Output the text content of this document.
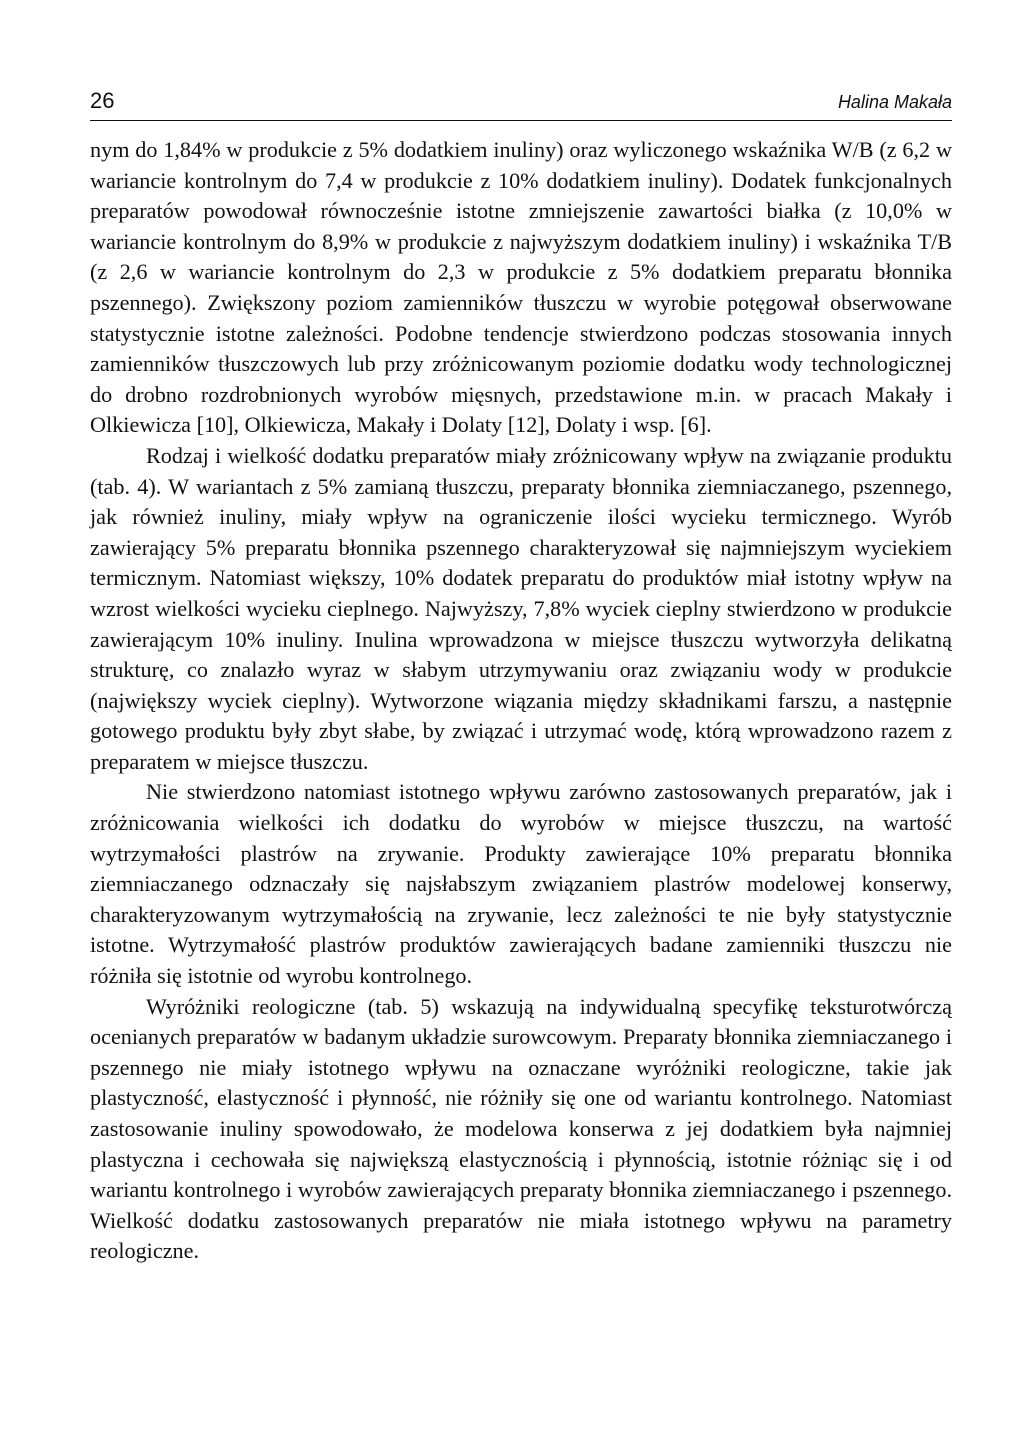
26	Halina Makała

nym do 1,84% w produkcie z 5% dodatkiem inuliny) oraz wyliczonego wskaźnika W/B (z 6,2 w wariancie kontrolnym do 7,4 w produkcie z 10% dodatkiem inuliny). Dodatek funkcjonalnych preparatów powodował równocześnie istotne zmniejszenie zawartości białka (z 10,0% w wariancie kontrolnym do 8,9% w produkcie z najwyższym dodatkiem inuliny) i wskaźnika T/B (z 2,6 w wariancie kontrolnym do 2,3 w produkcie z 5% dodatkiem preparatu błonnika pszennego). Zwiększony poziom zamienników tłuszczu w wyrobie potęgował obserwowane statystycznie istotne zależności. Podobne tendencje stwierdzono podczas stosowania innych zamienników tłuszczowych lub przy zróżnicowanym poziomie dodatku wody technologicznej do drobno rozdrobnionych wyrobów mięsnych, przedstawione m.in. w pracach Makały i Olkiewicza [10], Olkiewicza, Makały i Dolaty [12], Dolaty i wsp. [6].

Rodzaj i wielkość dodatku preparatów miały zróżnicowany wpływ na związanie produktu (tab. 4). W wariantach z 5% zamianą tłuszczu, preparaty błonnika ziemniaczanego, pszennego, jak również inuliny, miały wpływ na ograniczenie ilości wycieku termicznego. Wyrób zawierający 5% preparatu błonnika pszennego charakteryzował się najmniejszym wyciekiem termicznym. Natomiast większy, 10% dodatek preparatu do produktów miał istotny wpływ na wzrost wielkości wycieku cieplnego. Najwyższy, 7,8% wyciek cieplny stwierdzono w produkcie zawierającym 10% inuliny. Inulina wprowadzona w miejsce tłuszczu wytworzyła delikatną strukturę, co znalazło wyraz w słabym utrzymywaniu oraz związaniu wody w produkcie (największy wyciek cieplny). Wytworzone wiązania między składnikami farszu, a następnie gotowego produktu były zbyt słabe, by związać i utrzymać wodę, którą wprowadzono razem z preparatem w miejsce tłuszczu.

Nie stwierdzono natomiast istotnego wpływu zarówno zastosowanych preparatów, jak i zróżnicowania wielkości ich dodatku do wyrobów w miejsce tłuszczu, na wartość wytrzymałości plastrów na zrywanie. Produkty zawierające 10% preparatu błonnika ziemniaczanego odznaczały się najsłabszym związaniem plastrów modelowej konserwy, charakteryzowanym wytrzymałością na zrywanie, lecz zależności te nie były statystycznie istotne. Wytrzymałość plastrów produktów zawierających badane zamienniki tłuszczu nie różniła się istotnie od wyrobu kontrolnego.

Wyróżniki reologiczne (tab. 5) wskazują na indywidualną specyfikę teksturotwórczą ocenianych preparatów w badanym układzie surowcowym. Preparaty błonnika ziemniaczanego i pszennego nie miały istotnego wpływu na oznaczane wyróżniki reologiczne, takie jak plastyczność, elastyczność i płynność, nie różniły się one od wariantu kontrolnego. Natomiast zastosowanie inuliny spowodowało, że modelowa konserwa z jej dodatkiem była najmniej plastyczna i cechowała się największą elastycznością i płynnością, istotnie różniąc się i od wariantu kontrolnego i wyrobów zawierających preparaty błonnika ziemniaczanego i pszennego. Wielkość dodatku zastosowanych preparatów nie miała istotnego wpływu na parametry reologiczne.
